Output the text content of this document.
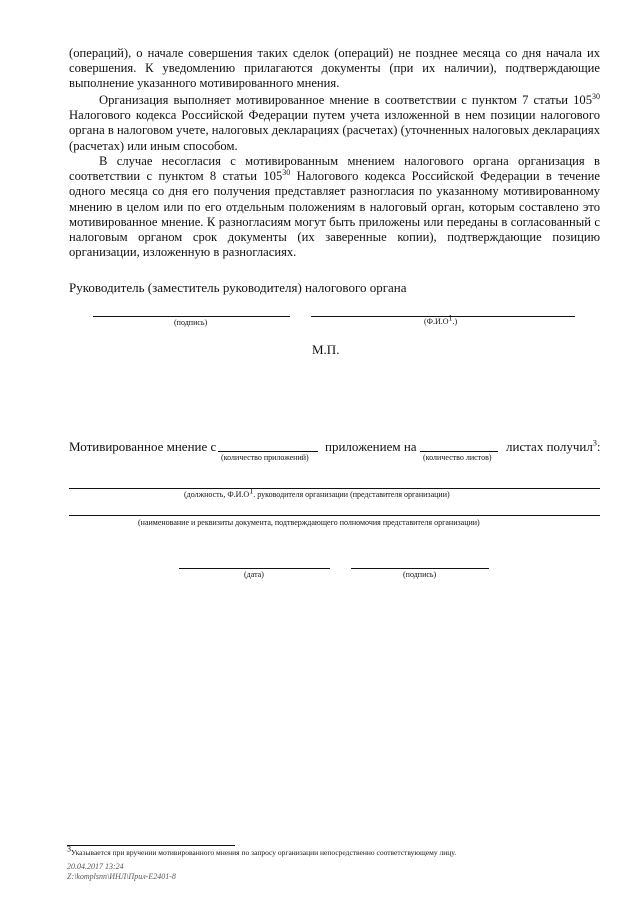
(операций), о начале совершения таких сделок (операций) не позднее месяца со дня начала их совершения. К уведомлению прилагаются документы (при их наличии), подтверждающие выполнение указанного мотивированного мнения.

Организация выполняет мотивированное мнение в соответствии с пунктом 7 статьи $105^{30}$ Налогового кодекса Российской Федерации путем учета изложенной в нем позиции налогового органа в налоговом учете, налоговых декларациях (расчетах) (уточненных налоговых декларациях (расчетах) или иным способом.

В случае несогласия с мотивированным мнением налогового органа организация в соответствии с пунктом 8 статьи $105^{30}$ Налогового кодекса Российской Федерации в течение одного месяца со дня его получения представляет разногласия по указанному мотивированному мнению в целом или по его отдельным положениям в налоговый орган, которым составлено это мотивированное мнение. К разногласиям могут быть приложены или переданы в согласованный с налоговым органом срок документы (их заверенные копии), подтверждающие позицию организации, изложенную в разногласиях.

Руководитель (заместитель руководителя) налогового органа
(подпись)	$(Ф.И.О^1.)$
М.П.
Мотивированное мнение с
(количество приложений)
приложением на
(количество листов)
листах получил$^3$:
(должность, $Ф.И.О^1$. руководителя организации (представителя организации)
(наименование и реквизиты документа, подтверждающего полномочия представителя организации)
(дата)	(подпись)
$^3$Указывается при вручении мотивированного мнения по запросу организации непосредственно соответствующему лицу.
20.04.2017 13:24
Z:\komplsnn\ИНЛ\Прил-Е2401-8
